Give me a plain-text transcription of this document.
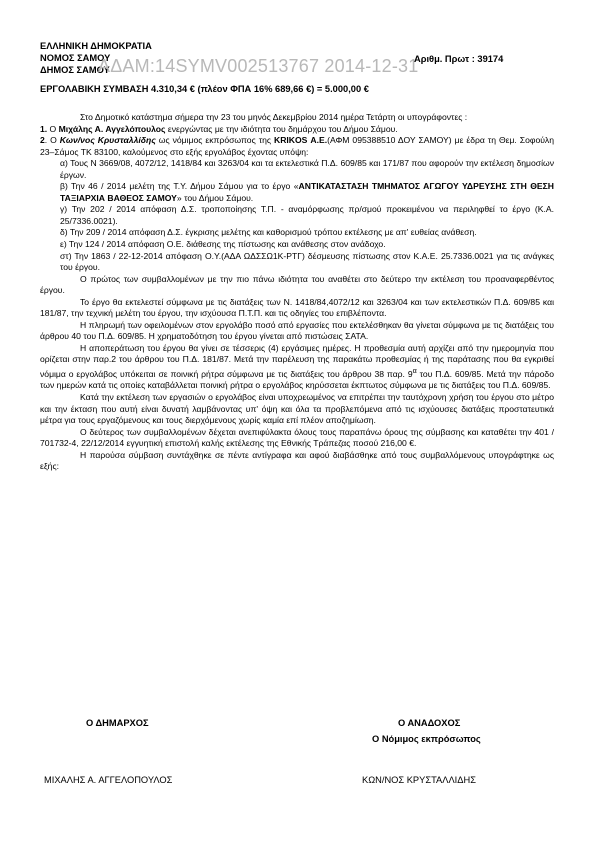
ΕΛΛΗΝΙΚΗ ΔΗΜΟΚΡΑΤΙΑ
ΝΟΜΟΣ ΣΑΜΟΥ
ΔΗΜΟΣ ΣΑΜΟΥ
ΑΔΑΜ:14SYMV002513767 2014-12-31
Αριθμ. Πρωτ : 39174
ΕΡΓΟΛΑΒΙΚΗ ΣΥΜΒΑΣΗ 4.310,34 € (πλέον ΦΠΑ 16% 689,66 €) = 5.000,00 €

Στο Δημοτικό κατάστημα σήμερα την 23 του μηνός Δεκεμβρίου 2014 ημέρα Τετάρτη οι υπογράφοντες :

1. Ο Μιχάλης Α. Αγγελόπουλος ενεργώντας με την ιδιότητα του δημάρχου του Δήμου Σάμου.

2. Ο Κων/νος Κρυσταλλίδης ως νόμιμος εκπρόσωπος της KRIKOS Α.Ε.(ΑΦΜ 095388510 ΔΟΥ ΣΑΜΟΥ) με έδρα τη Θεμ. Σοφούλη 23–Σάμος ΤΚ 83100, καλούμενος στο εξής εργολάβος έχοντας υπόψη:

α) Τους Ν 3669/08, 4072/12, 1418/84 και 3263/04 και τα εκτελεστικά Π.Δ. 609/85 και 171/87 που αφορούν την εκτέλεση δημοσίων έργων.

β) Την 46 / 2014 μελέτη της Τ.Υ. Δήμου Σάμου για το έργο «ΑΝΤΙΚΑΤΑΣΤΑΣΗ ΤΜΗΜΑΤΟΣ ΑΓΩΓΟΥ ΥΔΡΕΥΣΗΣ ΣΤΗ ΘΕΣΗ ΤΑΞΙΑΡΧΙΑ ΒΑΘΕΟΣ ΣΑΜΟΥ» του Δήμου Σάμου.

γ) Την 202 / 2014 απόφαση Δ.Σ. τροποποίησης Τ.Π. - αναμόρφωσης πρ/σμού προκειμένου να περιληφθεί το έργο (Κ.Α. 25/7336.0021).

δ) Την 209 / 2014 απόφαση Δ.Σ. έγκρισης μελέτης και καθορισμού τρόπου εκτέλεσης με απ' ευθείας ανάθεση.

ε) Την 124 / 2014 απόφαση Ο.Ε. διάθεσης της πίστωσης και ανάθεσης στον ανάδοχο.

στ) Την 1863 / 22-12-2014 απόφαση Ο.Υ.(ΑΔΑ ΩΔΣΣΩ1Κ-ΡΤΓ) δέσμευσης πίστωσης στον Κ.Α.Ε. 25.7336.0021 για τις ανάγκες του έργου.

Ο πρώτος των συμβαλλομένων με την πιο πάνω ιδιότητα του αναθέτει στο δεύτερο την εκτέλεση του προαναφερθέντος έργου.

Το έργο θα εκτελεστεί σύμφωνα με τις διατάξεις των Ν. 1418/84,4072/12 και 3263/04 και των εκτελεστικών Π.Δ. 609/85 και 181/87, την τεχνική μελέτη του έργου, την ισχύουσα Π.Τ.Π. και τις οδηγίες του επιβλέποντα.

Η πληρωμή των οφειλομένων στον εργολάβο ποσό από εργασίες που εκτελέσθηκαν θα γίνεται σύμφωνα με τις διατάξεις του άρθρου 40 του Π.Δ. 609/85. Η χρηματοδότηση του έργου γίνεται από πιστώσεις ΣΑΤΑ.

Η αποπεράτωση του έργου θα γίνει σε τέσσερις (4) εργάσιμες ημέρες. Η προθεσμία αυτή αρχίζει από την ημερομηνία που ορίζεται στην παρ.2 του άρθρου του Π.Δ. 181/87. Μετά την παρέλευση της παρακάτω προθεσμίας ή της παράτασης που θα εγκριθεί νόμιμα ο εργολάβος υπόκειται σε ποινική ρήτρα σύμφωνα με τις διατάξεις του άρθρου 38 παρ. $9^\alpha$ του Π.Δ. 609/85. Μετά την πάροδο των ημερών κατά τις οποίες καταβάλλεται ποινική ρήτρα ο εργολάβος κηρύσσεται έκπτωτος σύμφωνα με τις διατάξεις του Π.Δ. 609/85.

Κατά την εκτέλεση των εργασιών ο εργολάβος είναι υποχρεωμένος να επιτρέπει την ταυτόχρονη χρήση του έργου στο μέτρο και την έκταση που αυτή είναι δυνατή λαμβάνοντας υπ' όψη και όλα τα προβλεπόμενα από τις ισχύουσες διατάξεις προστατευτικά μέτρα για τους εργαζόμενους και τους διερχόμενους χωρίς καμία επί πλέον αποζημίωση.

Ο δεύτερος των συμβαλλομένων δέχεται ανεπιφύλακτα όλους τους παραπάνω όρους της σύμβασης και καταθέτει την 401 / 701732-4, 22/12/2014 εγγυητική επιστολή καλής εκτέλεσης της Εθνικής Τράπεζας ποσού 216,00 €.

Η παρούσα σύμβαση συντάχθηκε σε πέντε αντίγραφα και αφού διαβάσθηκε από τους συμβαλλόμενους υπογράφτηκε ως εξής:

Ο ΔΗΜΑΡΧΟΣ	Ο ΑΝΑΔΟΧΟΣ
Ο Νόμιμος εκπρόσωπος
ΜΙΧΑΛΗΣ Α. ΑΓΓΕΛΟΠΟΥΛΟΣ	ΚΩΝ/ΝΟΣ ΚΡΥΣΤΑΛΛΙΔΗΣ
